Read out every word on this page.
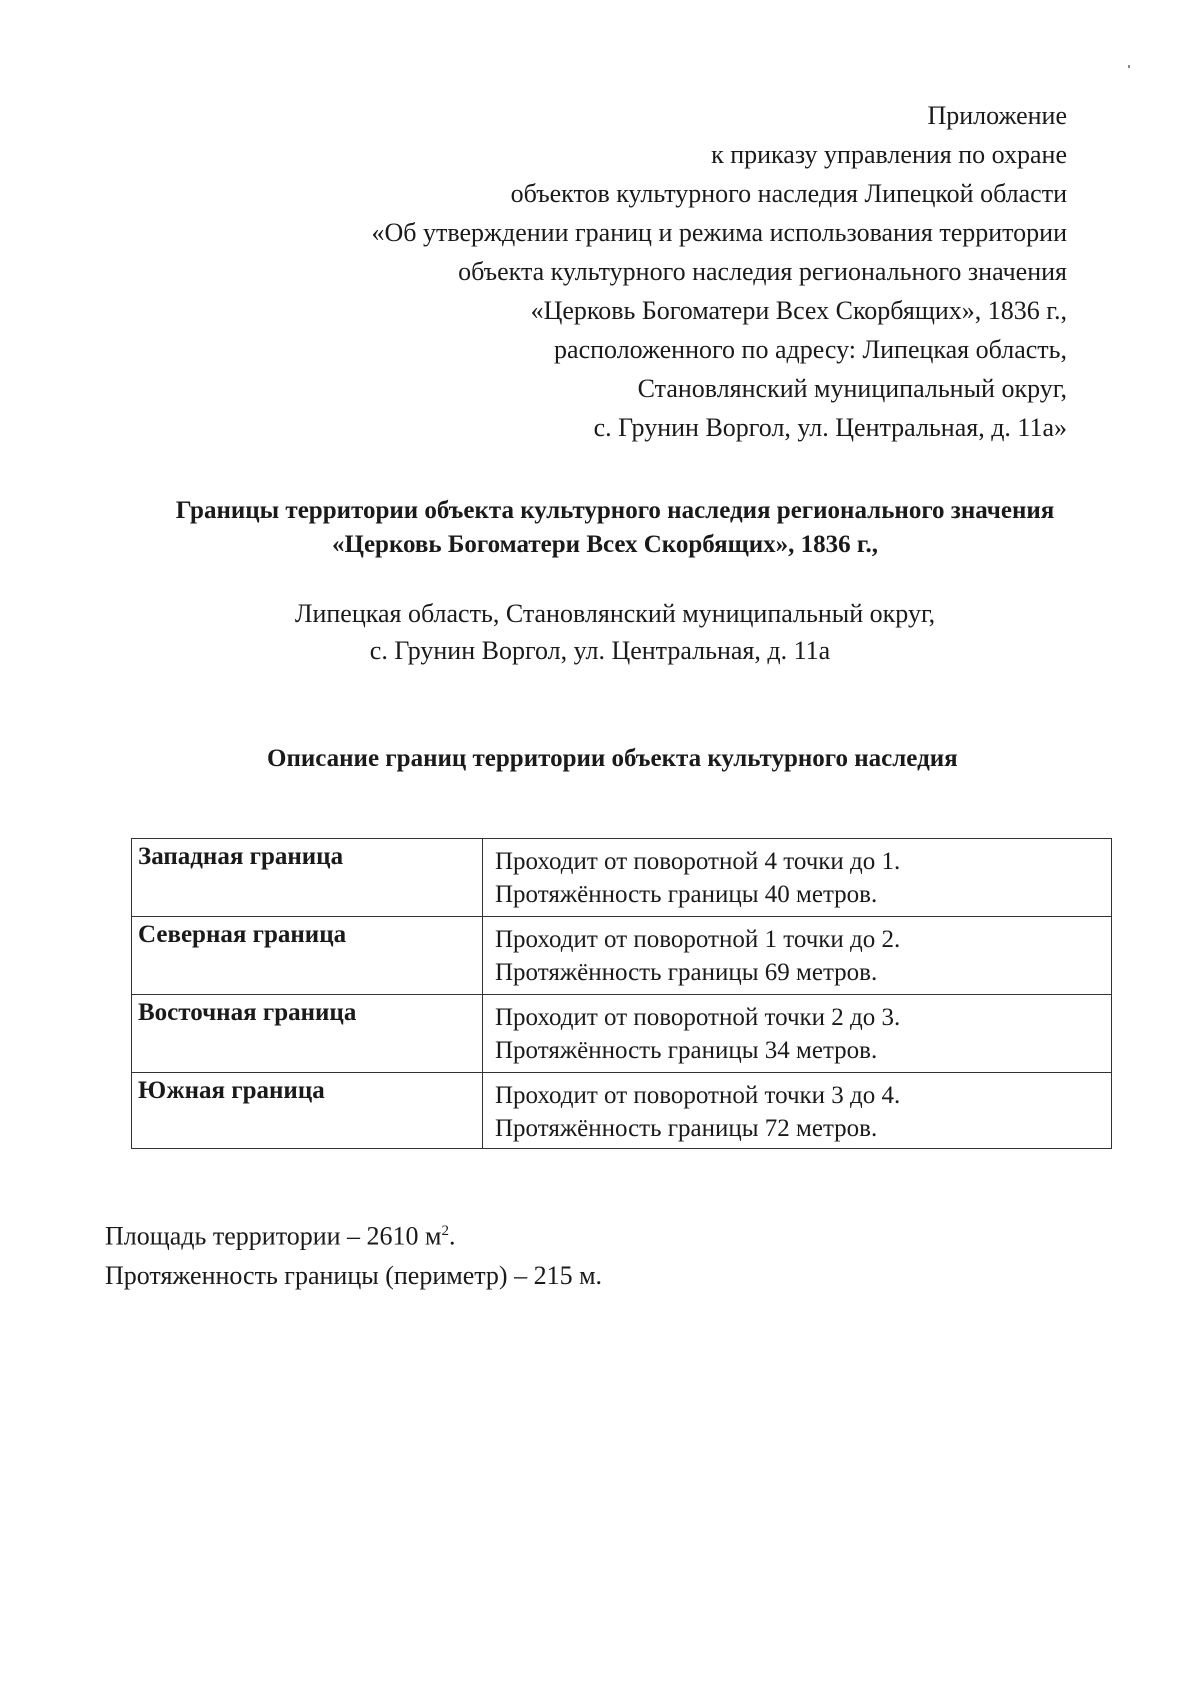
Приложение
к приказу управления по охране
объектов культурного наследия Липецкой области
«Об утверждении границ и режима использования территории
объекта культурного наследия регионального значения
«Церковь Богоматери Всех Скорбящих», 1836 г.,
расположенного по адресу: Липецкая область,
Становлянский муниципальный округ,
с. Грунин Воргол, ул. Центральная, д. 11а»
Границы территории объекта культурного наследия регионального значения
«Церковь Богоматери Всех Скорбящих», 1836 г.,
Липецкая область, Становлянский муниципальный округ,
с. Грунин Воргол, ул. Центральная, д. 11а
Описание границ территории объекта культурного наследия
Западная граница	Проходит от поворотной 4 точки до 1.
Протяжённость границы 40 метров.

Северная граница	Проходит от поворотной 1 точки до 2.
Протяжённость границы 69 метров.

Восточная граница	Проходит от поворотной точки 2 до 3.
Протяжённость границы 34 метров.

Южная граница	Проходит от поворотной точки 3 до 4.
Протяжённость границы 72 метров.
Площадь территории – 2610 $м^2$.
Протяженность границы (периметр) – 215 м.
